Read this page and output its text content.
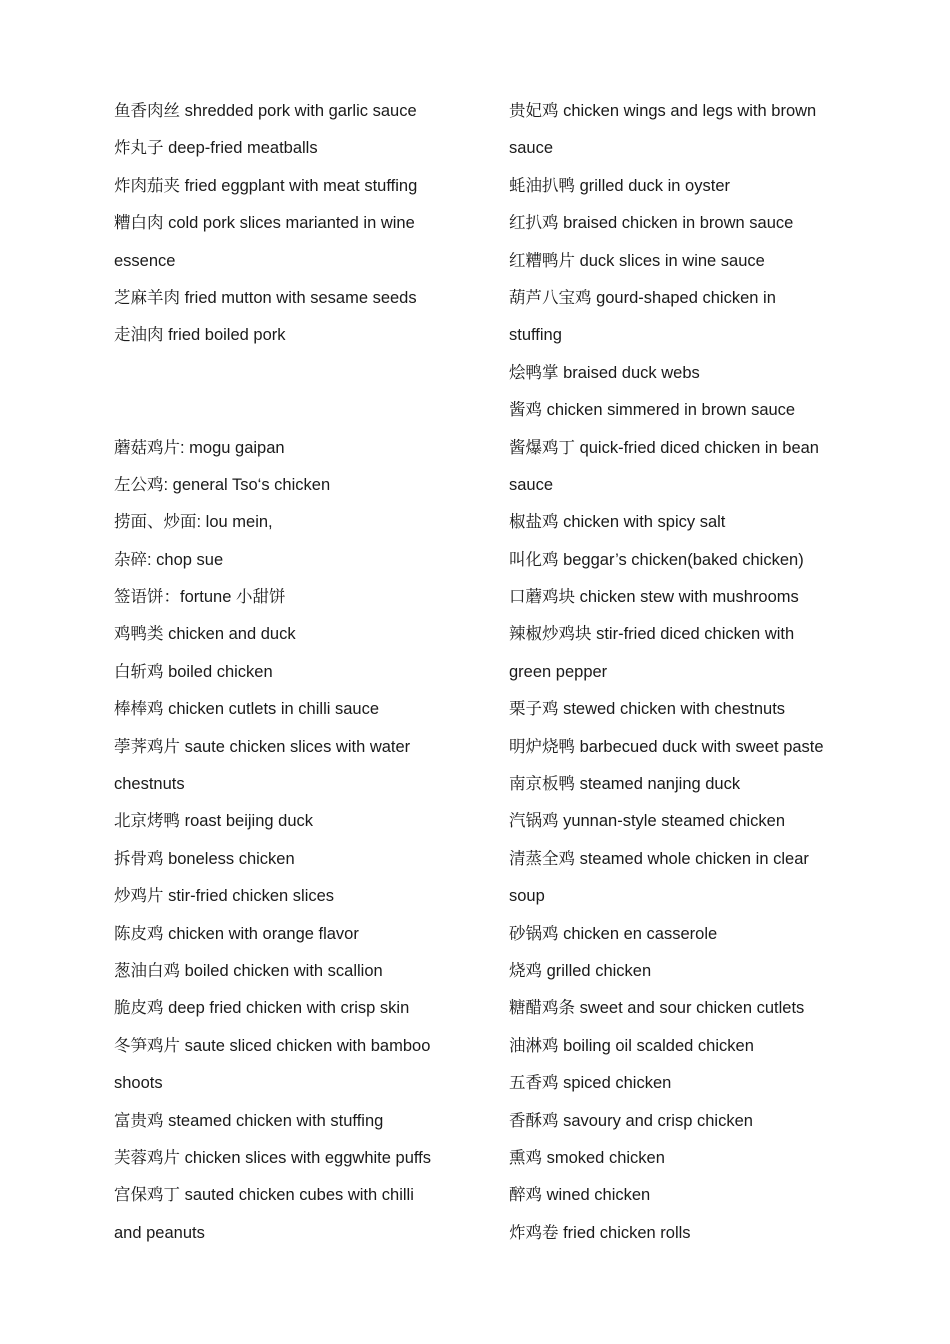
鱼香肉丝 shredded pork with garlic sauce
炸丸子 deep-fried meatballs
炸肉茄夹 fried eggplant with meat stuffing
糟白肉 cold pork slices marianted in wine
essence
芝麻羊肉 fried mutton with sesame seeds
走油肉 fried boiled pork
蘑菇鸡片: mogu gaipan
左公鸡: general Tso‘s chicken
捞面、炒面: lou mein,
杂碎: chop sue
签语饼：fortune 小甜饼
鸡鸭类 chicken and duck
白斩鸡 boiled chicken
棒棒鸡 chicken cutlets in chilli sauce
荸荠鸡片 saute chicken slices with water
chestnuts
北京烤鸭 roast beijing duck
拆骨鸡 boneless chicken
炒鸡片 stir-fried chicken slices
陈皮鸡 chicken with orange flavor
葱油白鸡 boiled chicken with scallion
脆皮鸡 deep fried chicken with crisp skin
冬笋鸡片 saute sliced chicken with bamboo
shoots
富贵鸡 steamed chicken with stuffing
芙蓉鸡片 chicken slices with eggwhite puffs
宫保鸡丁 sauted chicken cubes with chilli
and peanuts
贵妃鸡 chicken wings and legs with brown
sauce
蚝油扒鸭 grilled duck in oyster
红扒鸡 braised chicken in brown sauce
红糟鸭片 duck slices in wine sauce
葫芦八宝鸡 gourd-shaped chicken in
stuffing
烩鸭掌 braised duck webs
酱鸡 chicken simmered in brown sauce
酱爆鸡丁 quick-fried diced chicken in bean
sauce
椒盐鸡 chicken with spicy salt
叫化鸡 beggar’s chicken(baked chicken)
口蘑鸡块 chicken stew with mushrooms
辣椒炒鸡块 stir-fried diced chicken with
green pepper
栗子鸡 stewed chicken with chestnuts
明炉烧鸭 barbecued duck with sweet paste
南京板鸭 steamed nanjing duck
汽锅鸡 yunnan-style steamed chicken
清蒸全鸡 steamed whole chicken in clear
soup
砂锅鸡 chicken en casserole
烧鸡 grilled chicken
糖醋鸡条 sweet and sour chicken cutlets
油淋鸡 boiling oil scalded chicken
五香鸡 spiced chicken
香酥鸡 savoury and crisp chicken
熏鸡 smoked chicken
醉鸡 wined chicken
炸鸡卷 fried chicken rolls
